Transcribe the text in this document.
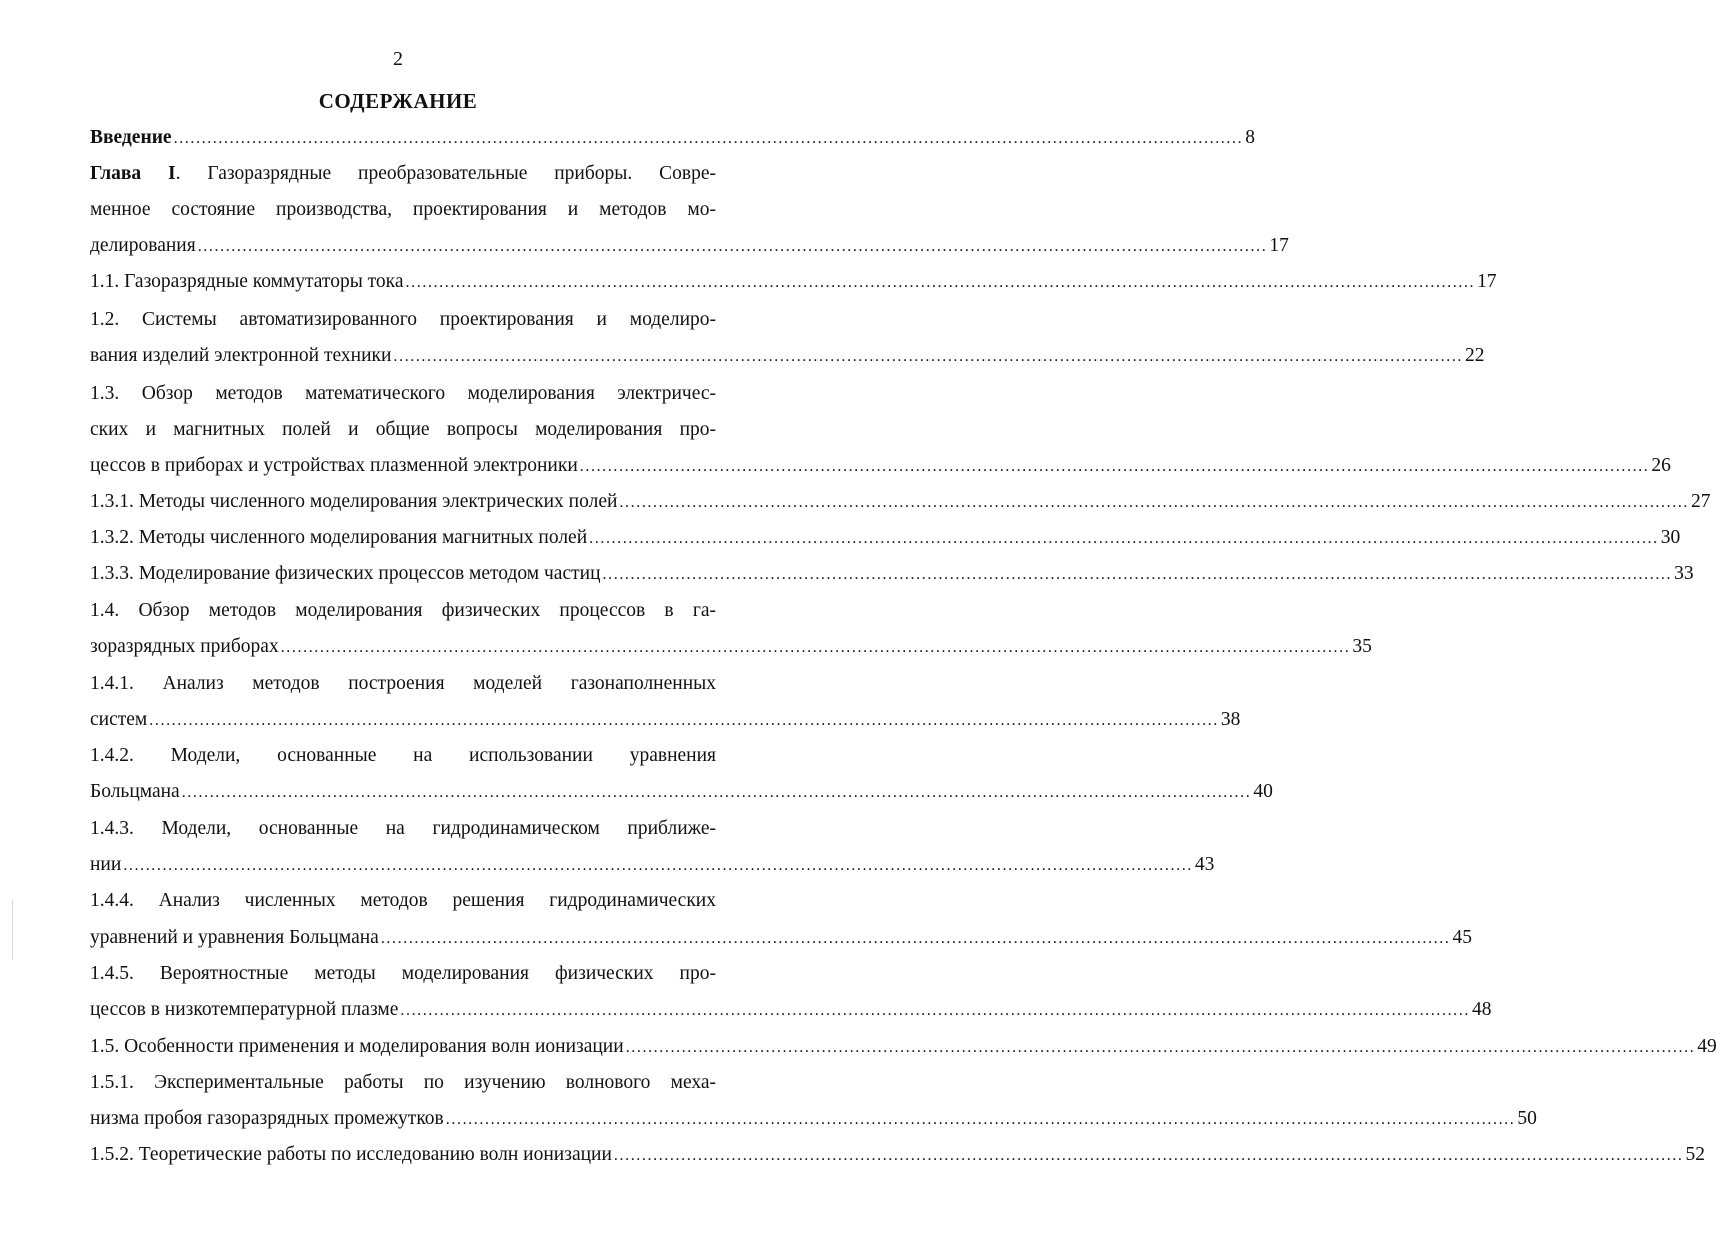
2
СОДЕРЖАНИЕ
Введение ............................................................................................................................................................................................... 8
Глава I. Газоразрядные преобразовательные приборы. Совре-
менное состояние производства, проектирования и методов мо-
делирования ............................................................................................................................................................................................... 17
1.1. Газоразрядные коммутаторы тока ............................................................................................................................................................................................... 17
1.2. Системы автоматизированного проектирования и моделиро-
вания изделий электронной техники ............................................................................................................................................................................................... 22
1.3. Обзор методов математического моделирования электричес-
ских и магнитных полей и общие вопросы моделирования про-
цессов в приборах и устройствах плазменной электроники ............................................................................................................................................................................................... 26
1.3.1. Методы численного моделирования электрических полей ............................................................................................................................................................................................... 27
1.3.2. Методы численного моделирования магнитных полей ............................................................................................................................................................................................... 30
1.3.3. Моделирование физических процессов методом частиц ............................................................................................................................................................................................... 33
1.4. Обзор методов моделирования физических процессов в га-
зоразрядных приборах ............................................................................................................................................................................................... 35
1.4.1. Анализ методов построения моделей газонаполненных
систем ............................................................................................................................................................................................... 38
1.4.2. Модели, основанные на использовании уравнения
Больцмана ............................................................................................................................................................................................... 40
1.4.3. Модели, основанные на гидродинамическом приближе-
нии ............................................................................................................................................................................................... 43
1.4.4. Анализ численных методов решения гидродинамических
уравнений и уравнения Больцмана ............................................................................................................................................................................................... 45
1.4.5. Вероятностные методы моделирования физических про-
цессов в низкотемпературной плазме ............................................................................................................................................................................................... 48
1.5. Особенности применения и моделирования волн ионизации ............................................................................................................................................................................................... 49
1.5.1. Экспериментальные работы по изучению волнового меха-
низма пробоя газоразрядных промежутков ............................................................................................................................................................................................... 50
1.5.2. Теоретические работы по исследованию волн ионизации ............................................................................................................................................................................................... 52
